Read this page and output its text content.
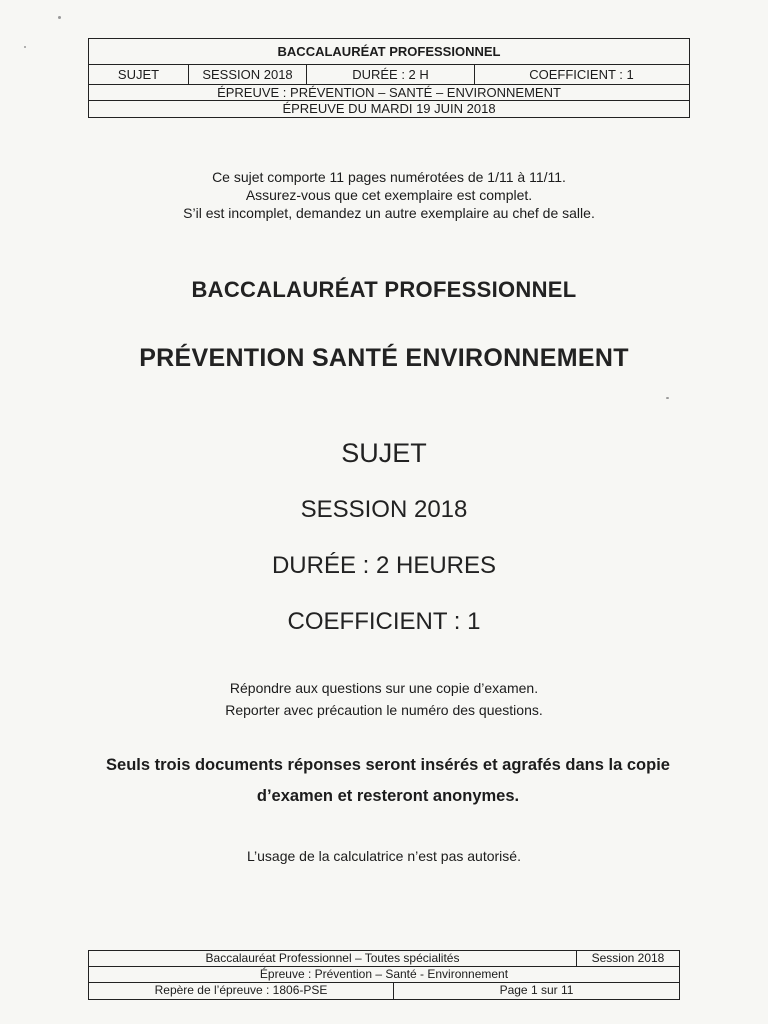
BACCALAURÉAT PROFESSIONNEL
SUJET	SESSION 2018	DURÉE : 2 H	COEFFICIENT : 1
ÉPREUVE : PRÉVENTION – SANTÉ – ENVIRONNEMENT
ÉPREUVE DU MARDI 19 JUIN 2018
Ce sujet comporte 11 pages numérotées de 1/11 à 11/11.
Assurez-vous que cet exemplaire est complet.
S’il est incomplet, demandez un autre exemplaire au chef de salle.
BACCALAURÉAT PROFESSIONNEL
PRÉVENTION SANTÉ ENVIRONNEMENT
SUJET
SESSION 2018
DURÉE : 2 HEURES
COEFFICIENT : 1
Répondre aux questions sur une copie d’examen.
Reporter avec précaution le numéro des questions.
Seuls trois documents réponses seront insérés et agrafés dans la copie
d’examen et resteront anonymes.
L’usage de la calculatrice n’est pas autorisé.
Baccalauréat Professionnel – Toutes spécialités	Session 2018
Épreuve : Prévention – Santé - Environnement
Repère de l’épreuve : 1806-PSE	Page 1 sur 11
